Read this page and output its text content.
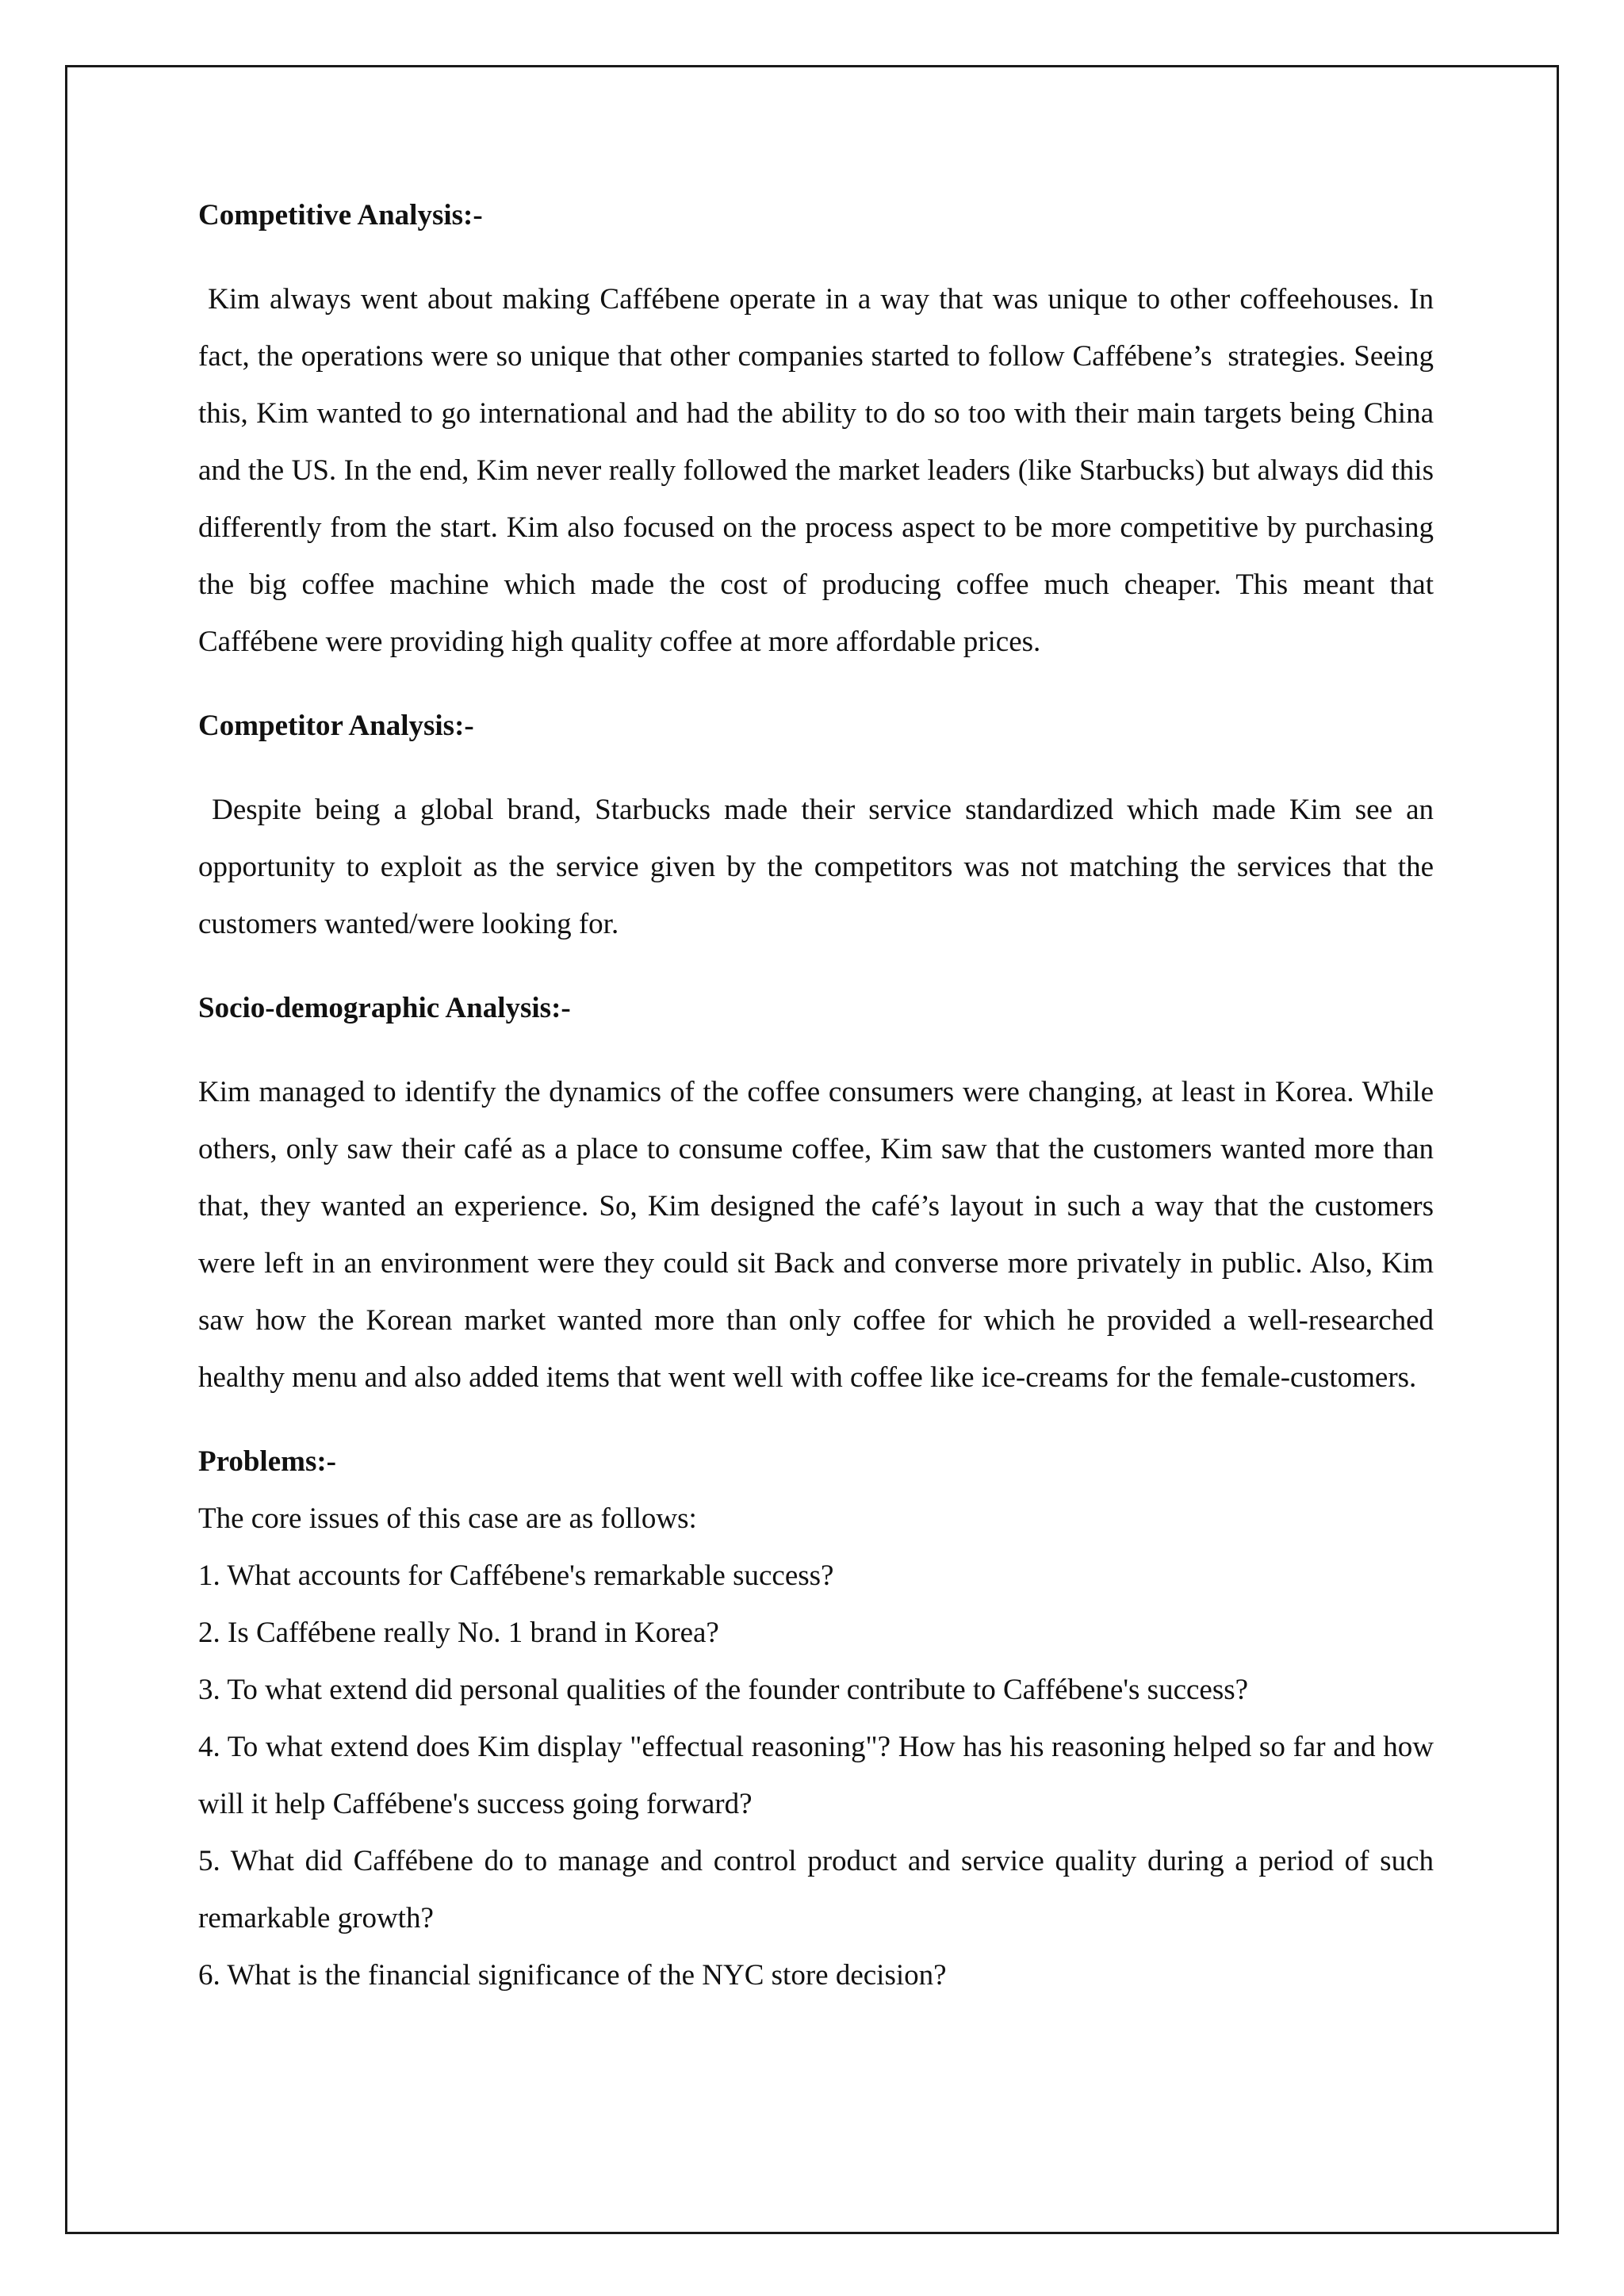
Competitive Analysis:-

Kim always went about making Caffébene operate in a way that was unique to other coffeehouses. In fact, the operations were so unique that other companies started to follow Caffébene’s  strategies. Seeing this, Kim wanted to go international and had the ability to do so too with their main targets being China and the US. In the end, Kim never really followed the market leaders (like Starbucks) but always did this differently from the start. Kim also focused on the process aspect to be more competitive by purchasing the big coffee machine which made the cost of producing coffee much cheaper. This meant that Caffébene were providing high quality coffee at more affordable prices.

Competitor Analysis:-

Despite being a global brand, Starbucks made their service standardized which made Kim see an opportunity to exploit as the service given by the competitors was not matching the services that the customers wanted/were looking for.

Socio-demographic Analysis:-

Kim managed to identify the dynamics of the coffee consumers were changing, at least in Korea. While others, only saw their café as a place to consume coffee, Kim saw that the customers wanted more than that, they wanted an experience. So, Kim designed the café’s layout in such a way that the customers were left in an environment were they could sit Back and converse more privately in public. Also, Kim saw how the Korean market wanted more than only coffee for which he provided a well-researched healthy menu and also added items that went well with coffee like ice-creams for the female-customers.

Problems:-

The core issues of this case are as follows:

1. What accounts for Caffébene's remarkable success?

2. Is Caffébene really No. 1 brand in Korea?

3. To what extend did personal qualities of the founder contribute to Caffébene's success?

4. To what extend does Kim display "effectual reasoning"? How has his reasoning helped so far and how will it help Caffébene's success going forward?

5. What did Caffébene do to manage and control product and service quality during a period of such remarkable growth?

6. What is the financial significance of the NYC store decision?
